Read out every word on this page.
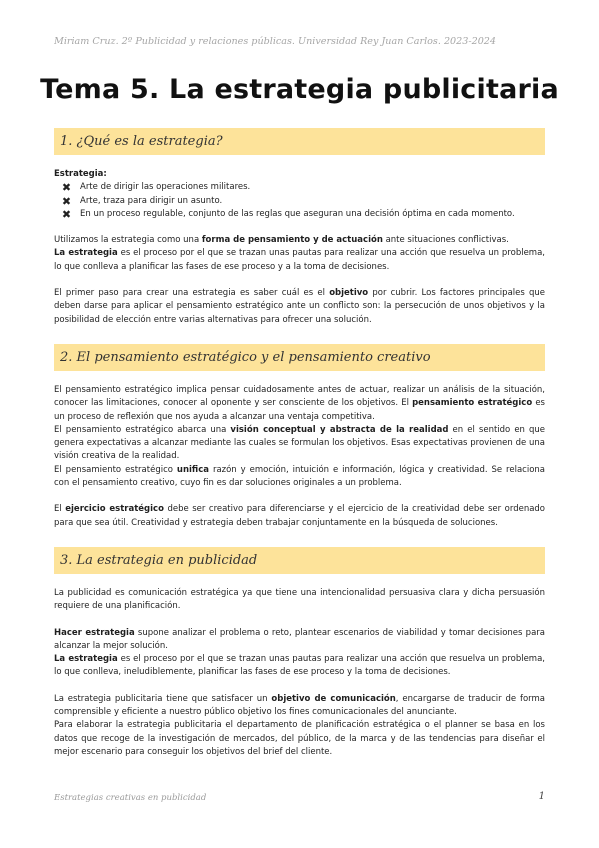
Miriam Cruz. 2º Publicidad y relaciones públicas. Universidad Rey Juan Carlos. 2023-2024
Tema 5. La estrategia publicitaria
1. ¿Qué es la estrategia?

Estrategia:

✖ Arte de dirigir las operaciones militares.
✖ Arte, traza para dirigir un asunto.
✖ En un proceso regulable, conjunto de las reglas que aseguran una decisión óptima en cada momento.

Utilizamos la estrategia como una forma de pensamiento y de actuación ante situaciones conflictivas.

La estrategia es el proceso por el que se trazan unas pautas para realizar una acción que resuelva un problema, lo que conlleva a planificar las fases de ese proceso y a la toma de decisiones.

El primer paso para crear una estrategia es saber cuál es el objetivo por cubrir. Los factores principales que deben darse para aplicar el pensamiento estratégico ante un conflicto son: la persecución de unos objetivos y la posibilidad de elección entre varias alternativas para ofrecer una solución.

2. El pensamiento estratégico y el pensamiento creativo

El pensamiento estratégico implica pensar cuidadosamente antes de actuar, realizar un análisis de la situación, conocer las limitaciones, conocer al oponente y ser consciente de los objetivos. El pensamiento estratégico es un proceso de reflexión que nos ayuda a alcanzar una ventaja competitiva.

El pensamiento estratégico abarca una visión conceptual y abstracta de la realidad en el sentido en que genera expectativas a alcanzar mediante las cuales se formulan los objetivos. Esas expectativas provienen de una visión creativa de la realidad.

El pensamiento estratégico unifica razón y emoción, intuición e información, lógica y creatividad. Se relaciona con el pensamiento creativo, cuyo fin es dar soluciones originales a un problema.

El ejercicio estratégico debe ser creativo para diferenciarse y el ejercicio de la creatividad debe ser ordenado para que sea útil. Creatividad y estrategia deben trabajar conjuntamente en la búsqueda de soluciones.

3. La estrategia en publicidad

La publicidad es comunicación estratégica ya que tiene una intencionalidad persuasiva clara y dicha persuasión requiere de una planificación.

Hacer estrategia supone analizar el problema o reto, plantear escenarios de viabilidad y tomar decisiones para alcanzar la mejor solución.

La estrategia es el proceso por el que se trazan unas pautas para realizar una acción que resuelva un problema, lo que conlleva, ineludiblemente, planificar las fases de ese proceso y la toma de decisiones.

La estrategia publicitaria tiene que satisfacer un objetivo de comunicación, encargarse de traducir de forma comprensible y eficiente a nuestro público objetivo los fines comunicacionales del anunciante.

Para elaborar la estrategia publicitaria el departamento de planificación estratégica o el planner se basa en los datos que recoge de la investigación de mercados, del público, de la marca y de las tendencias para diseñar el mejor escenario para conseguir los objetivos del brief del cliente.

Estrategias creativas en publicidad	1
